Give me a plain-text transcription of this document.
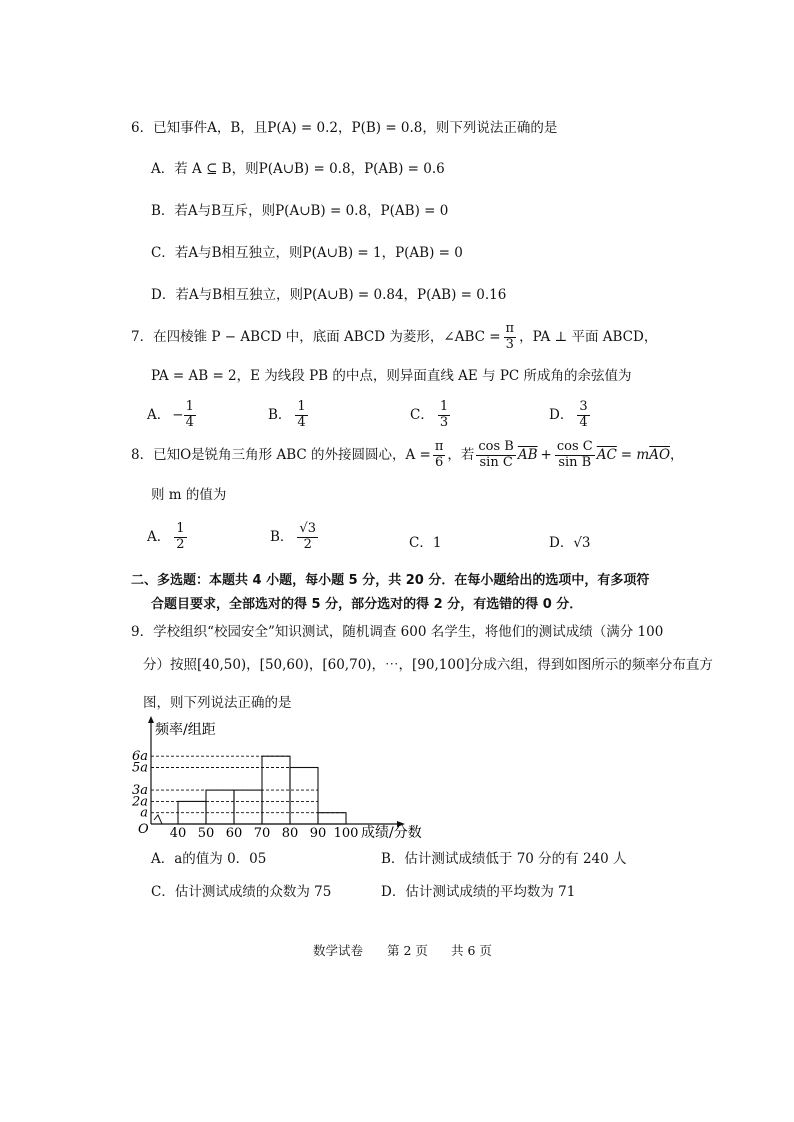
6．已知事件A，B，且P(A) = 0.2，P(B) = 0.8，则下列说法正确的是
A．若 A ⊆ B，则P(A∪B) = 0.8，P(AB) = 0.6
B．若A与B互斥，则P(A∪B) = 0.8，P(AB) = 0
C．若A与B相互独立，则P(A∪B) = 1，P(AB) = 0
D．若A与B相互独立，则P(A∪B) = 0.84，P(AB) = 0.16
7．在四棱锥 P − ABCD 中，底面 ABCD 为菱形，∠ABC = $\frac{\pi}{3}$ ，PA ⊥ 平面 ABCD，
PA = AB = 2，E 为线段 PB 的中点，则异面直线 AE 与 PC 所成角的余弦值为
A． − $\frac{1}{4}$	B． $\frac{1}{4}$	C． $\frac{1}{3}$	D． $\frac{3}{4}$
8．已知O是锐角三角形 ABC 的外接圆圆心，$A = \frac{\pi}{6}$ ，若 $\frac{\text{cos B}}{\text{sin C}} \overline{AB} + \frac{\text{cos C}}{\text{sin B}} \overline{AC} = m$ $\overline{AO}$ ，
则 m 的值为
A． $\frac{1}{2}$	B． $\frac{√3}{2}$	C．1	D．√3
二、多选题：本题共 4 小题，每小题 5 分，共 20 分．在每小题给出的选项中，有多项符
合题目要求，全部选对的得 5 分，部分选对的得 2 分，有选错的得 0 分．
9．学校组织“校园安全”知识测试，随机调查 600 名学生，将他们的测试成绩（满分 100
分）按照[40,50)，[50,60)，[60,70)，⋯，[90,100]分成六组，得到如图所示的频率分布直方
图，则下列说法正确的是
频率/组距
成绩/分数
O
a
2a
3a
5a
6a
40 50 60 70 80 90 100
A．a的值为 0．05	B．估计测试成绩低于 70 分的有 240 人
C．估计测试成绩的众数为 75	D．估计测试成绩的平均数为 71
数学试卷 第 2 页 共 6 页
